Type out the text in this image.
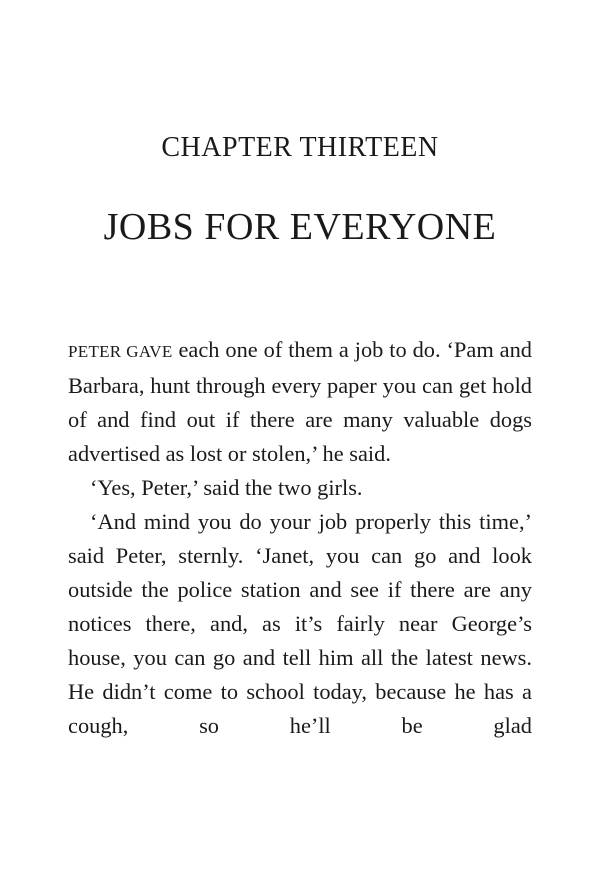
CHAPTER THIRTEEN
JOBS FOR EVERYONE

PETER GAVE each one of them a job to do. ‘Pam and Barbara, hunt through every paper you can get hold of and find out if there are many valuable dogs advertised as lost or stolen,’ he said.

‘Yes, Peter,’ said the two girls.

‘And mind you do your job properly this time,’ said Peter, sternly. ‘Janet, you can go and look outside the police station and see if there are any notices there, and, as it’s fairly near George’s house, you can go and tell him all the latest news. He didn’t come to school today, because he has a cough, so he’ll be glad
